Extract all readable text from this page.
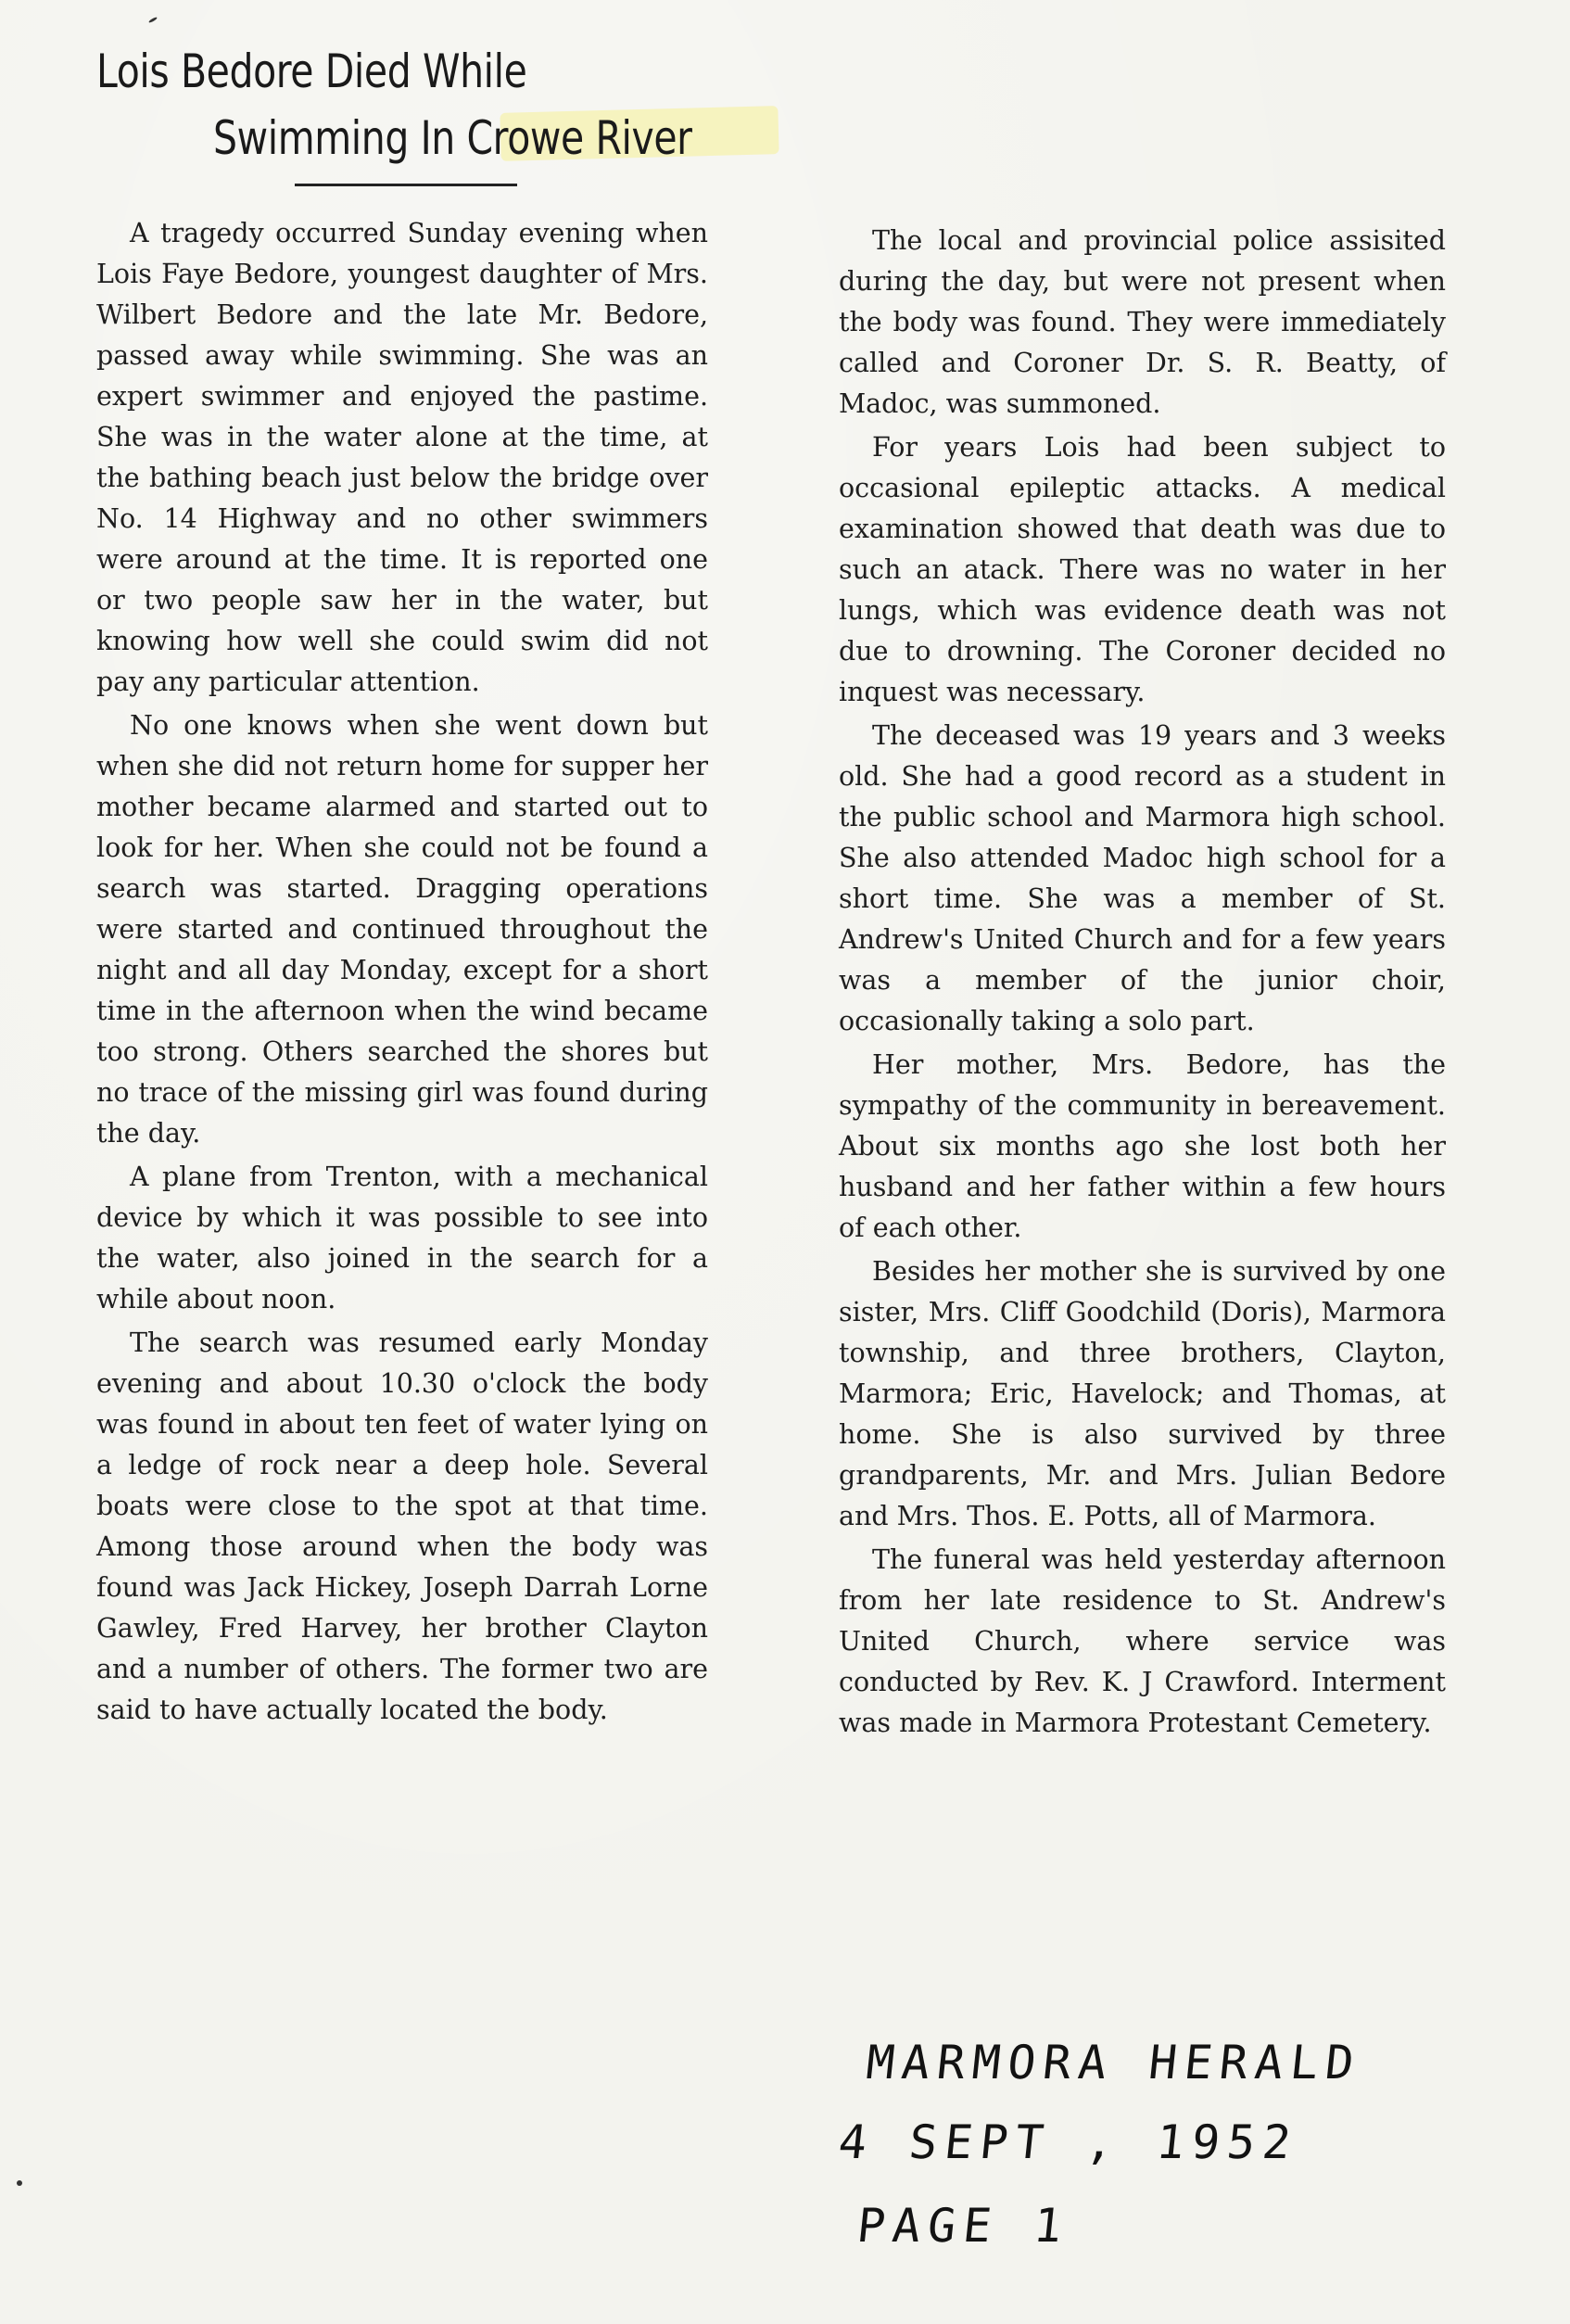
Lois Bedore Died While
Swimming In Crowe River

A tragedy occurred Sunday evening when Lois Faye Bedore, youngest daughter of Mrs. Wilbert Bedore and the late Mr. Bedore, passed away while swimming. She was an expert swimmer and enjoyed the pastime. She was in the water alone at the time, at the bathing beach just below the bridge over No. 14 Highway and no other swimmers were around at the time. It is reported one or two people saw her in the water, but knowing how well she could swim did not pay any particular attention.

No one knows when she went down but when she did not return home for supper her mother became alarmed and started out to look for her. When she could not be found a search was started. Dragging operations were started and continued throughout the night and all day Monday, except for a short time in the afternoon when the wind became too strong. Others searched the shores but no trace of the missing girl was found during the day.

A plane from Trenton, with a mechanical device by which it was possible to see into the water, also joined in the search for a while about noon.

The search was resumed early Monday evening and about 10.30 o'clock the body was found in about ten feet of water lying on a ledge of rock near a deep hole. Several boats were close to the spot at that time. Among those around when the body was found was Jack Hickey, Joseph Darrah Lorne Gawley, Fred Harvey, her brother Clayton and a number of others. The former two are said to have actually located the body.

The local and provincial police assisited during the day, but were not present when the body was found. They were immediately called and Coroner Dr. S. R. Beatty, of Madoc, was summoned.

For years Lois had been subject to occasional epileptic attacks. A medical examination showed that death was due to such an atack. There was no water in her lungs, which was evidence death was not due to drowning. The Coroner decided no inquest was necessary.

The deceased was 19 years and 3 weeks old. She had a good record as a student in the public school and Marmora high school. She also attended Madoc high school for a short time. She was a member of St. Andrew's United Church and for a few years was a member of the junior choir, occasionally taking a solo part.

Her mother, Mrs. Bedore, has the sympathy of the community in bereavement. About six months ago she lost both her husband and her father within a few hours of each other.

Besides her mother she is survived by one sister, Mrs. Cliff Goodchild (Doris), Marmora township, and three brothers, Clayton, Marmora; Eric, Havelock; and Thomas, at home. She is also survived by three grandparents, Mr. and Mrs. Julian Bedore and Mrs. Thos. E. Potts, all of Marmora.

The funeral was held yesterday afternoon from her late residence to St. Andrew's United Church, where service was conducted by Rev. K. J Crawford. Interment was made in Marmora Protestant Cemetery.

MARMORA HERALD
4 SEPT , 1952
PAGE 1
